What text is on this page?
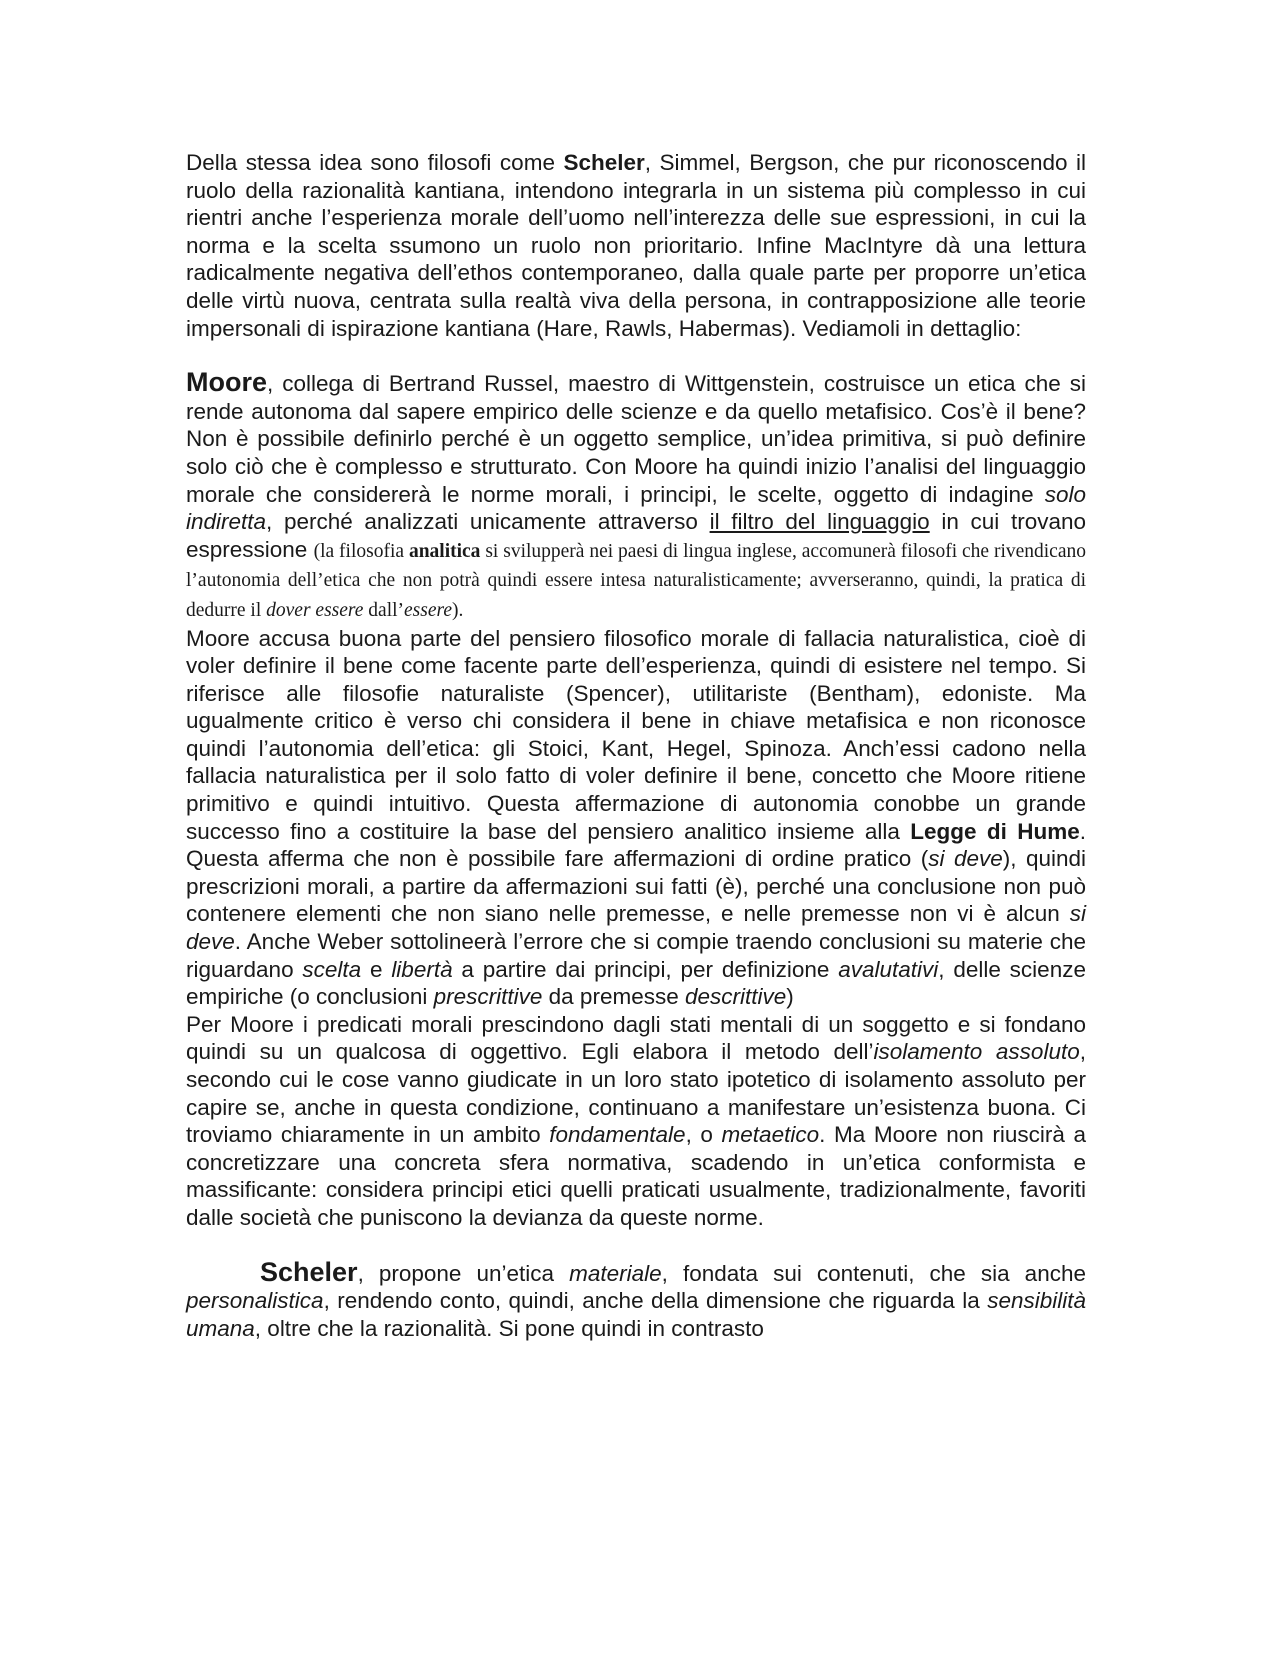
Della stessa idea sono filosofi come Scheler, Simmel, Bergson, che pur riconoscendo il ruolo della razionalità kantiana, intendono integrarla in un sistema più complesso in cui rientri anche l’esperienza morale dell’uomo nell’interezza delle sue espressioni, in cui la norma e la scelta ssumono un ruolo non prioritario. Infine MacIntyre dà una lettura radicalmente negativa dell’ethos contemporaneo, dalla quale parte per proporre un’etica delle virtù nuova, centrata sulla realtà viva della persona, in contrapposizione alle teorie impersonali di ispirazione kantiana (Hare, Rawls, Habermas). Vediamoli in dettaglio:

Moore, collega di Bertrand Russel, maestro di Wittgenstein, costruisce un etica che si rende autonoma dal sapere empirico delle scienze e da quello metafisico. Cos’è il bene? Non è possibile definirlo perché è un oggetto semplice, un’idea primitiva, si può definire solo ciò che è complesso e strutturato. Con Moore ha quindi inizio l’analisi del linguaggio morale che considererà le norme morali, i principi, le scelte, oggetto di indagine solo indiretta, perché analizzati unicamente attraverso il filtro del linguaggio in cui trovano espressione (la filosofia analitica si svilupperà nei paesi di lingua inglese, accomunerà filosofi che rivendicano l’autonomia dell’etica che non potrà quindi essere intesa naturalisticamente; avverseranno, quindi, la pratica di dedurre il dover essere dall’essere).

Moore accusa buona parte del pensiero filosofico morale di fallacia naturalistica, cioè di voler definire il bene come facente parte dell’esperienza, quindi di esistere nel tempo. Si riferisce alle filosofie naturaliste (Spencer), utilitariste (Bentham), edoniste. Ma ugualmente critico è verso chi considera il bene in chiave metafisica e non riconosce quindi l’autonomia dell’etica: gli Stoici, Kant, Hegel, Spinoza. Anch’essi cadono nella fallacia naturalistica per il solo fatto di voler definire il bene, concetto che Moore ritiene primitivo e quindi intuitivo. Questa affermazione di autonomia conobbe un grande successo fino a costituire la base del pensiero analitico insieme alla Legge di Hume. Questa afferma che non è possibile fare affermazioni di ordine pratico (si deve), quindi prescrizioni morali, a partire da affermazioni sui fatti (è), perché una conclusione non può contenere elementi che non siano nelle premesse, e nelle premesse non vi è alcun si deve. Anche Weber sottolineerà l’errore che si compie traendo conclusioni su materie che riguardano scelta e libertà a partire dai principi, per definizione avalutativi, delle scienze empiriche (o conclusioni prescrittive da premesse descrittive)

Per Moore i predicati morali prescindono dagli stati mentali di un soggetto e si fondano quindi su un qualcosa di oggettivo. Egli elabora il metodo dell’isolamento assoluto, secondo cui le cose vanno giudicate in un loro stato ipotetico di isolamento assoluto per capire se, anche in questa condizione, continuano a manifestare un’esistenza buona. Ci troviamo chiaramente in un ambito fondamentale, o metaetico. Ma Moore non riuscirà a concretizzare una concreta sfera normativa, scadendo in un’etica conformista e massificante: considera principi etici quelli praticati usualmente, tradizionalmente, favoriti dalle società che puniscono la devianza da queste norme.

Scheler, propone un’etica materiale, fondata sui contenuti, che sia anche personalistica, rendendo conto, quindi, anche della dimensione che riguarda la sensibilità umana, oltre che la razionalità. Si pone quindi in contrasto
